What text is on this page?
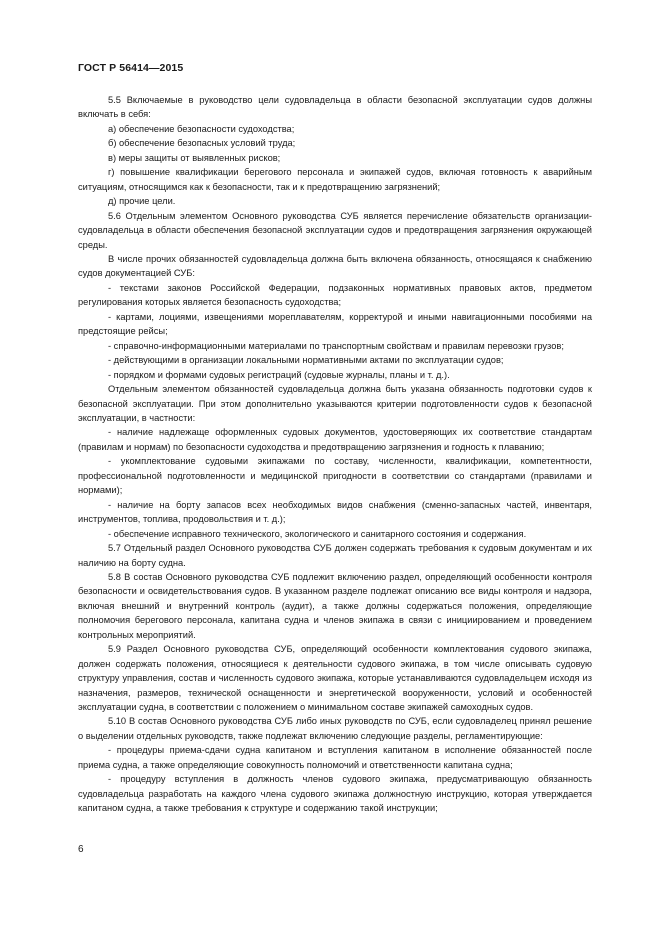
ГОСТ Р 56414—2015

5.5 Включаемые в руководство цели судовладельца в области безопасной эксплуатации судов должны включать в себя:

а) обеспечение безопасности судоходства;

б) обеспечение безопасных условий труда;

в) меры защиты от выявленных рисков;

г) повышение квалификации берегового персонала и экипажей судов, включая готовность к аварийным ситуациям, относящимся как к безопасности, так и к предотвращению загрязнений;

д) прочие цели.

5.6 Отдельным элементом Основного руководства СУБ является перечисление обязательств организации-судовладельца в области обеспечения безопасной эксплуатации судов и предотвращения загрязнения окружающей среды.

В числе прочих обязанностей судовладельца должна быть включена обязанность, относящаяся к снабжению судов документацией СУБ:

- текстами законов Российской Федерации, подзаконных нормативных правовых актов, предметом регулирования которых является безопасность судоходства;

- картами, лоциями, извещениями мореплавателям, корректурой и иными навигационными пособиями на предстоящие рейсы;

- справочно-информационными материалами по транспортным свойствам и правилам перевозки грузов;

- действующими в организации локальными нормативными актами по эксплуатации судов;

- порядком и формами судовых регистраций (судовые журналы, планы и т. д.).

Отдельным элементом обязанностей судовладельца должна быть указана обязанность подготовки судов к безопасной эксплуатации. При этом дополнительно указываются критерии подготовленности судов к безопасной эксплуатации, в частности:

- наличие надлежаще оформленных судовых документов, удостоверяющих их соответствие стандартам (правилам и нормам) по безопасности судоходства и предотвращению загрязнения и годность к плаванию;

- укомплектование судовыми экипажами по составу, численности, квалификации, компетентности, профессиональной подготовленности и медицинской пригодности в соответствии со стандартами (правилами и нормами);

- наличие на борту запасов всех необходимых видов снабжения (сменно-запасных частей, инвентаря, инструментов, топлива, продовольствия и т. д.);

- обеспечение исправного технического, экологического и санитарного состояния и содержания.

5.7 Отдельный раздел Основного руководства СУБ должен содержать требования к судовым документам и их наличию на борту судна.

5.8 В состав Основного руководства СУБ подлежит включению раздел, определяющий особенности контроля безопасности и освидетельствования судов. В указанном разделе подлежат описанию все виды контроля и надзора, включая внешний и внутренний контроль (аудит), а также должны содержаться положения, определяющие полномочия берегового персонала, капитана судна и членов экипажа в связи с инициированием и проведением контрольных мероприятий.

5.9 Раздел Основного руководства СУБ, определяющий особенности комплектования судового экипажа, должен содержать положения, относящиеся к деятельности судового экипажа, в том числе описывать судовую структуру управления, состав и численность судового экипажа, которые устанавливаются судовладельцем исходя из назначения, размеров, технической оснащенности и энергетической вооруженности, условий и особенностей эксплуатации судна, в соответствии с положением о минимальном составе экипажей самоходных судов.

5.10 В состав Основного руководства СУБ либо иных руководств по СУБ, если судовладелец принял решение о выделении отдельных руководств, также подлежат включению следующие разделы, регламентирующие:

- процедуры приема-сдачи судна капитаном и вступления капитаном в исполнение обязанностей после приема судна, а также определяющие совокупность полномочий и ответственности капитана судна;

- процедуру вступления в должность членов судового экипажа, предусматривающую обязанность судовладельца разработать на каждого члена судового экипажа должностную инструкцию, которая утверждается капитаном судна, а также требования к структуре и содержанию такой инструкции;

6
